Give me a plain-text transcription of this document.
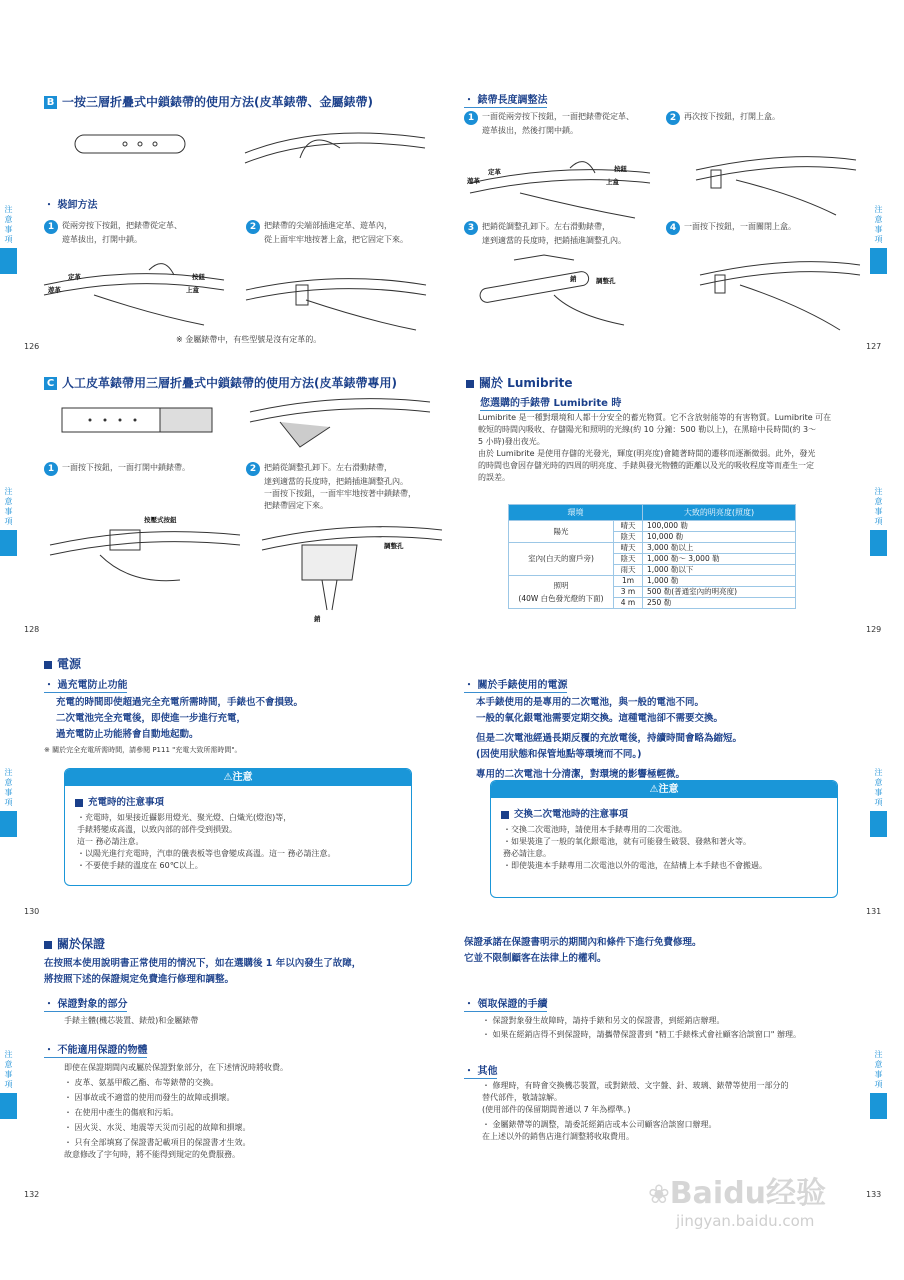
注
意
事
項
注
意
事
項
注
意
事
項
注
意
事
項
注
意
事
項
注
意
事
項
注
意
事
項
注
意
事
項
B 一按三層折疊式中鎖錶帶的使用方法(皮革錶帶、金屬錶帶)
・ 裝卸方法
1 從兩旁按下按鈕，把錶帶從定革、
遊革拔出，打開中鎖。
2 把錶帶的尖端部插進定革、遊革內，
從上面牢牢地按著上盒，把它固定下來。
定革
遊革
按鈕
上盒
※ 金屬錶帶中，有些型號是沒有定革的。
126
・ 錶帶長度調整法
1 一面從兩旁按下按鈕，一面把錶帶從定革、
遊革拔出，然後打開中鎖。
2 再次按下按鈕，打開上盒。
定革
遊革
按鈕
上盒
3 把銷從調整孔卸下。左右滑動錶帶，
達到適當的長度時，把銷插進調整孔內。
4 一面按下按鈕，一面關閉上盒。
銷	調整孔
127
C 人工皮革錶帶用三層折疊式中鎖錶帶的使用方法(皮革錶帶專用)
1 一面按下按鈕，一面打開中鎖錶帶。	2 把銷從調整孔卸下。左右滑動錶帶，
達到適當的長度時，把銷插進調整孔內。
一面按下按鈕，一面牢牢地按著中鎖錶帶，
把錶帶固定下來。
按壓式按鈕
調整孔
銷
128
關於 Lumibrite
您選購的手錶帶 Lumibrite 時
Lumibrite 是一種對環境和人都十分安全的蓄光物質。它不含放射能等的有害物質。Lumibrite 可在
較短的時間內吸收、存儲陽光和照明的光線(約 10 分鐘：500 勒以上)，在黑暗中長時間(約 3～
5 小時)發出夜光。
由於 Lumibrite 是使用存儲的光發光，輝度(明亮度)會隨著時間的遷移而逐漸微弱。此外，發光
的時間也會因存儲光時的四周的明亮度、手錶與發光物體的距離以及光的吸收程度等而產生一定
的誤差。
環境		大致的明亮度(照度)
陽光	晴天	100,000 勒
	陰天	10,000 勒
室內(白天的窗戶旁)	晴天	3,000 勒以上
	陰天	1,000 勒～ 3,000 勒
	雨天	1,000 勒以下
照明
(40W 白色發光燈的下面)	1m	1,000 勒
	3 m	500 勒(普通室內的明亮度)
	4 m	250 勒
129
電源
・ 過充電防止功能
充電的時間即使超過完全充電所需時間，手錶也不會損毀。
二次電池完全充電後，即使進一步進行充電，
過充電防止功能將會自動地起動。
※ 關於完全充電所需時間，請參閱 P111 "充電大致所需時間"。
⚠注意
充電時的注意事項
・充電時，如果接近攝影用燈光、聚光燈、白熾光(燈泡)等，
手錶將變成高溫，以致內部的部件受到損毀。
這一 務必請注意。
・以陽光進行充電時，汽車的儀表板等也會變成高溫。這一 務必請注意。
・不要使手錶的溫度在 60℃以上。
130
・ 關於手錶使用的電源
本手錶使用的是專用的二次電池，與一般的電池不同。
一般的氧化銀電池需要定期交換。這種電池卻不需要交換。
但是二次電池經過長期反覆的充放電後，持續時間會略為縮短。
(因使用狀態和保管地點等環境而不同。)
專用的二次電池十分清潔，對環境的影響極輕微。
⚠注意
交換二次電池時的注意事項
・交換二次電池時，請使用本手錶專用的二次電池。
・如果裝進了一般的氧化銀電池，就有可能發生破裂、發熱和著火等。
務必請注意。
・即使裝進本手錶專用二次電池以外的電池，在結構上本手錶也不會搬過。
131
關於保證
在按照本使用說明書正常使用的情況下，如在選購後 1 年以內發生了故障，
將按照下述的保證規定免費進行修理和調整。
・ 保證對象的部分
手錶主體(機芯裝置、錶殼)和金屬錶帶
・ 不能適用保證的物體
即使在保證期間內或屬於保證對象部分，在下述情況時將收費。
・ 皮革、氨基甲酸乙酯、布等錶帶的交換。
・ 因事故或不適當的使用而發生的故障或損壞。
・ 在使用中產生的傷痕和污垢。
・ 因火災、水災、地震等天災而引起的故障和損壞。
・ 只有全部填寫了保證書記載項目的保證書才生效。
故意修改了字句時，將不能得到規定的免費服務。
132
保證承諾在保證書明示的期間內和條件下進行免費修理。
它並不限制顧客在法律上的權利。
・ 領取保證的手續
・ 保證對象發生故障時，請持手錶和另文的保證書，到經銷店辦理。
・ 如果在經銷店得不到保證時，請攜帶保證書到 "精工手錶株式會社顧客洽談窗口" 辦理。
・ 其他
・ 修理時，有時會交換機芯裝置，或對錶殼、文字盤、針、玻璃、錶帶等使用一部分的
替代部件，敬請諒解。
(使用部件的保留期間普通以 7 年為標準。)
・ 金屬錶帶等的調整，請委託經銷店或本公司顧客洽談窗口辦理。
在上述以外的銷售店進行調整將收取費用。
133
❀Baidu经验
jingyan.baidu.com
